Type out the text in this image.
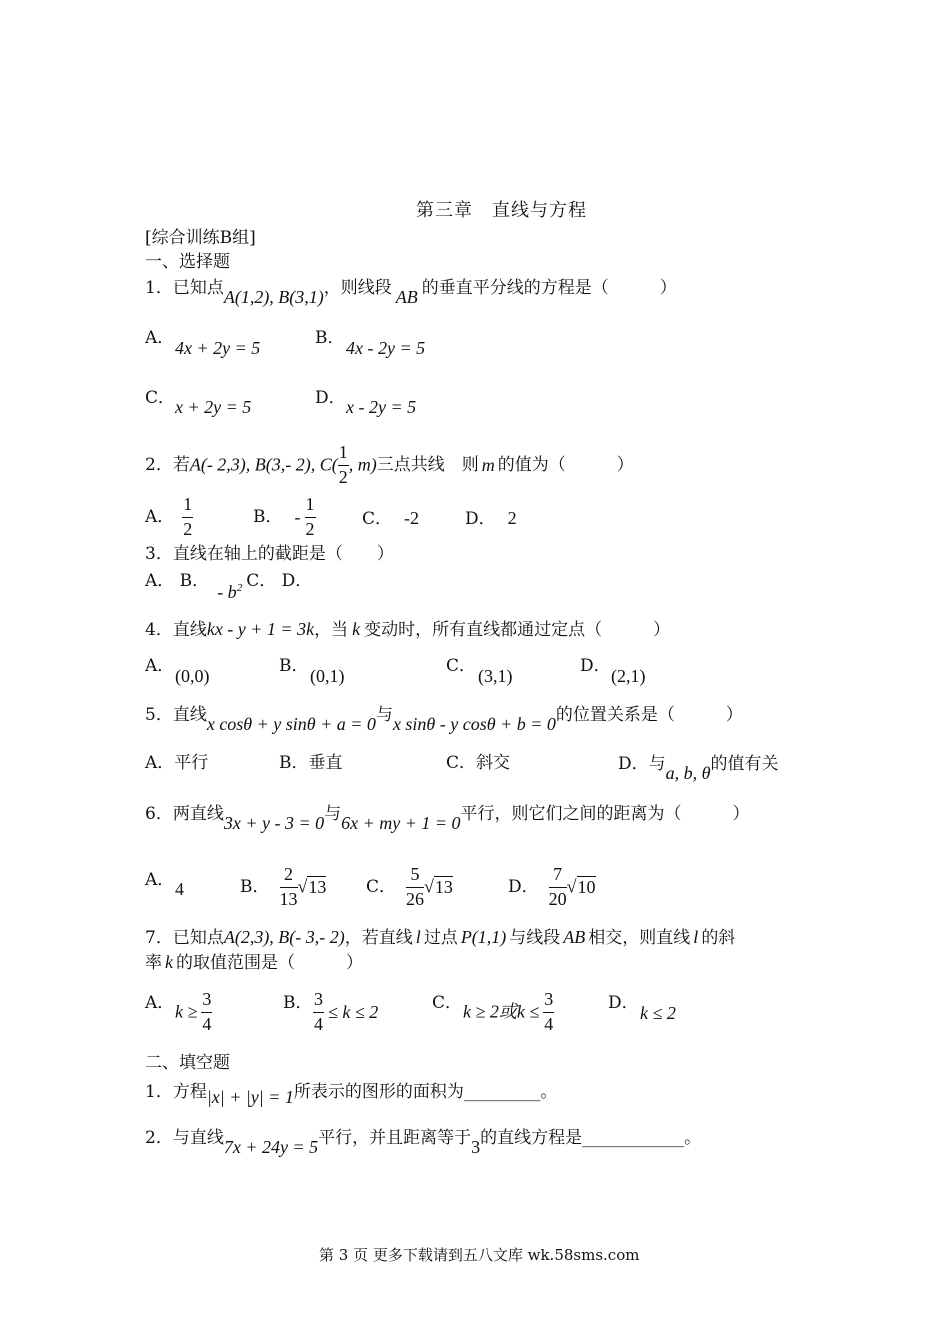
第三章　直线与方程
[综合训练B组]
一、选择题
1．已知点A(1,2), B(3,1)，则线段 AB 的垂直平分线的方程是（　　　）
A． 4x + 2y = 5	B． 4x - 2y = 5
C． x + 2y = 5	D． x - 2y = 5
2．若A(- 2,3), B(3,- 2), $C( \frac{1}{2}$ , m)三点共线　则 m 的值为（　　　）
A． $\frac{1}{2}$	B． - $\frac{1}{2}$	C． -2	D． 2
3．直线在轴上的截距是（　　）
A． B．- $b^2$ C． D．
4．直线kx - y + 1 = 3k，当 k 变动时，所有直线都通过定点（　　　）
A． (0,0)	B． (0,1)	C． (3,1)	D． (2,1)
5．直线x cosθ + y sinθ + a = 0与x sinθ - y cosθ + b = 0的位置关系是（　　　）
A．平行	B．垂直	C．斜交	D．与a, b, θ的值有关
6．两直线3x + y - 3 = 0与6x + my + 1 = 0平行，则它们之间的距离为（　　　）
A． 4	B． $\frac{2}{13} √13$ C． $\frac{5}{26} √13$	D． $\frac{7}{20} √10$
7．已知点A(2,3), B(- 3,- 2)，若直线 l 过点 P(1,1) 与线段 AB 相交，则直线 l 的斜
率 k 的取值范围是（　　　）
A． $k \ge \frac{3}{4}$	B． $\frac{3}{4} \le k \le 2$	C． k ≥ 2或$k \le \frac{3}{4}$	D． k ≤ 2
二、填空题
1．方程|x| + |y| = 1所表示的图形的面积为_________。
2．与直线7x + 24y = 5平行，并且距离等于3的直线方程是____________。
第 3 页 更多下载请到五八文库 wk.58sms.com
